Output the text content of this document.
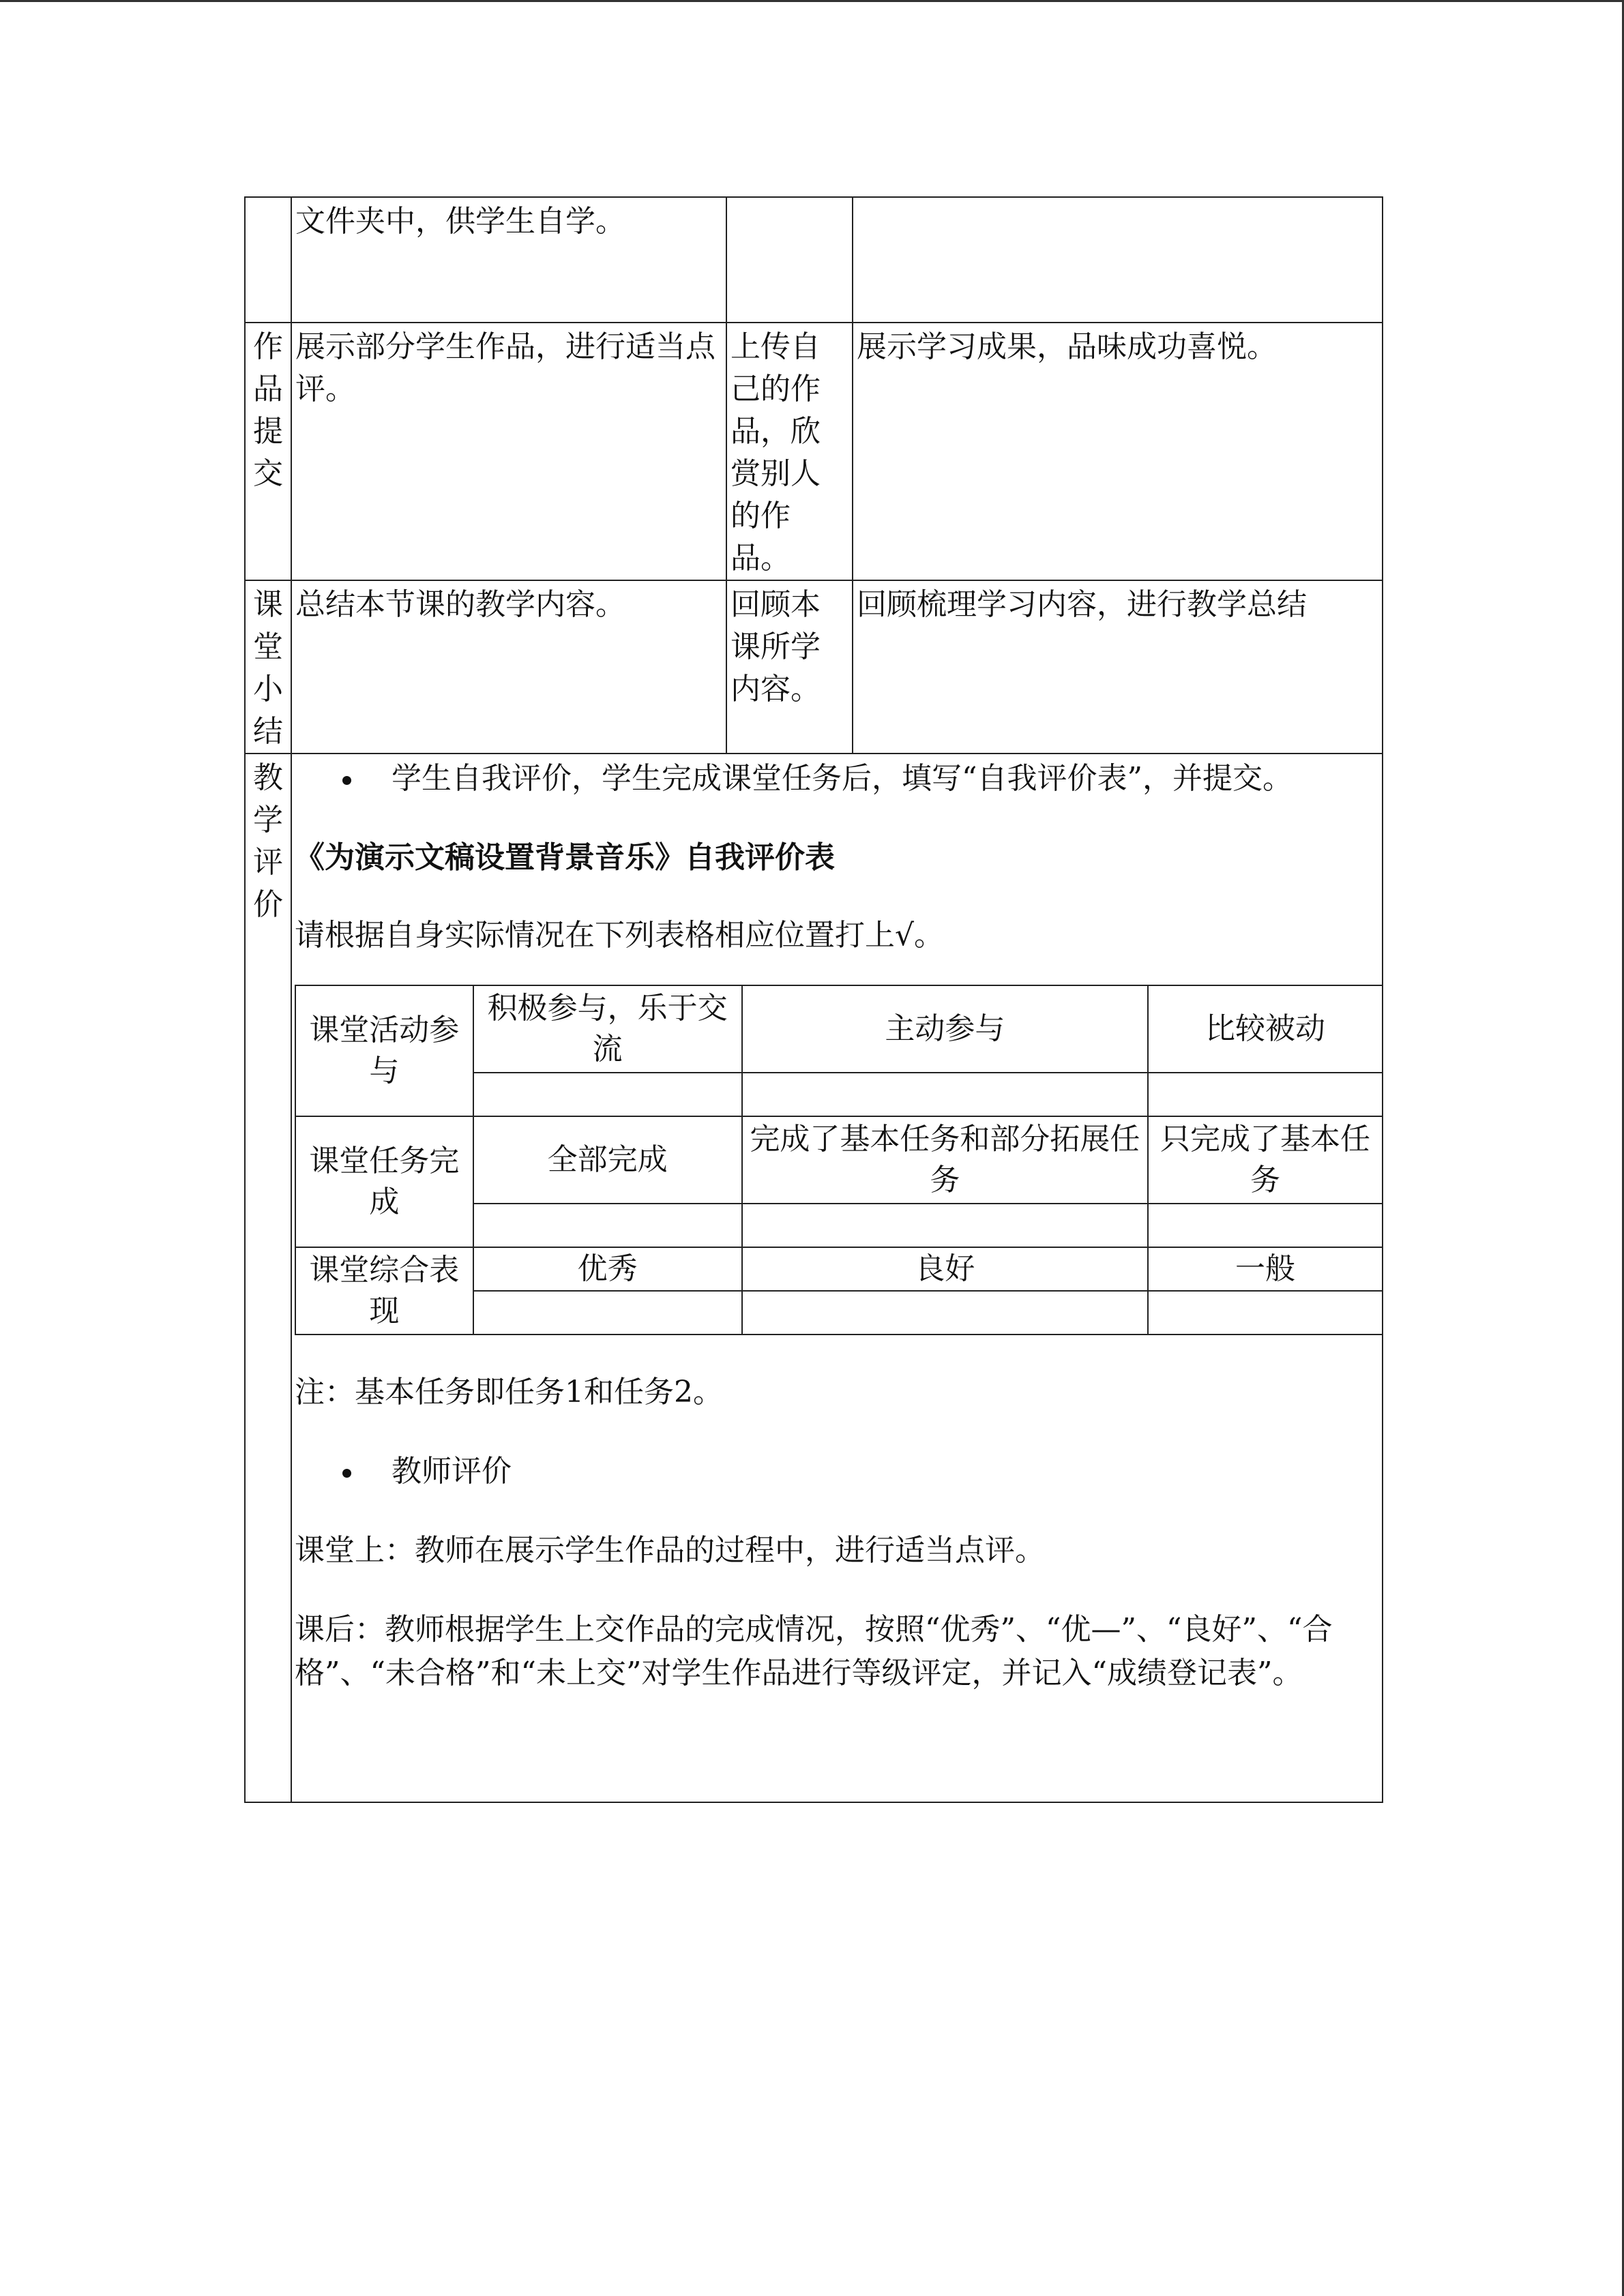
	文件夹中，供学生自学。		

作
品
提
交
	展示部分学生作品，进行适当点评。	上传自己的作品，欣赏别人的作品。	展示学习成果，品味成功喜悦。

课
堂
小
结
	总结本节课的教学内容。	回顾本课所学内容。	回顾梳理学习内容，进行教学总结

教
学
评
价

学生自我评价，学生完成课堂任务后，填写“自我评价表”，并提交。
《为演示文稿设置背景音乐》自我评价表
请根据自身实际情况在下列表格相应位置打上√。
课堂活动参与	积极参与，乐于交流	主动参与	比较被动

课堂任务完成	全部完成	完成了基本任务和部分拓展任务	只完成了基本任务

课堂综合表现	优秀	良好	一般

注：基本任务即任务1和任务2。
教师评价
课堂上：教师在展示学生作品的过程中，进行适当点评。
课后：教师根据学生上交作品的完成情况，按照“优秀”、“优—”、“良好”、“合格”、“未合格”和“未上交”对学生作品进行等级评定，并记入“成绩登记表”。
